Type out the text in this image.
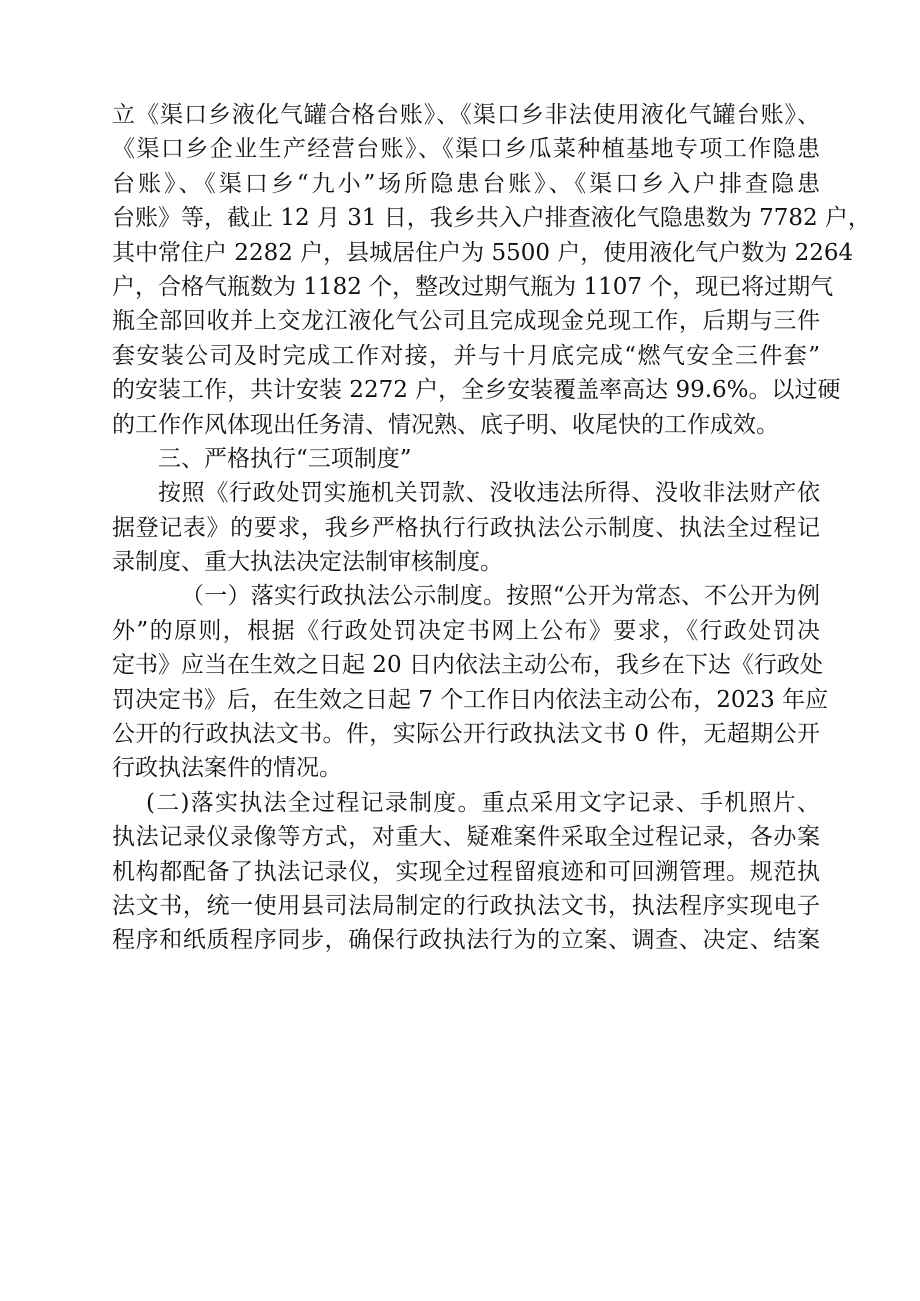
立《渠口乡液化气罐合格台账》、《渠口乡非法使用液化气罐台账》、
《渠口乡企业生产经营台账》、《渠口乡瓜菜种植基地专项工作隐患
台账》、《渠口乡“九小”场所隐患台账》、《渠口乡入户排查隐患
台账》等，截止 12 月 31 日，我乡共入户排查液化气隐患数为 7782 户，
其中常住户 2282 户，县城居住户为 5500 户，使用液化气户数为 2264
户，合格气瓶数为 1182 个，整改过期气瓶为 1107 个，现已将过期气
瓶全部回收并上交龙江液化气公司且完成现金兑现工作，后期与三件
套安装公司及时完成工作对接，并与十月底完成“燃气安全三件套”
的安装工作，共计安装 2272 户，全乡安装覆盖率高达 99.6%。以过硬
的工作作风体现出任务清、情况熟、底子明、收尾快的工作成效。
三、严格执行“三项制度”
按照《行政处罚实施机关罚款、没收违法所得、没收非法财产依
据登记表》的要求，我乡严格执行行政执法公示制度、执法全过程记
录制度、重大执法决定法制审核制度。
（一）落实行政执法公示制度。按照“公开为常态、不公开为例
外”的原则，根据《行政处罚决定书网上公布》要求，《行政处罚决
定书》应当在生效之日起 20 日内依法主动公布，我乡在下达《行政处
罚决定书》后，在生效之日起 7 个工作日内依法主动公布，2023 年应
公开的行政执法文书。件，实际公开行政执法文书 0 件，无超期公开
行政执法案件的情况。
(二)落实执法全过程记录制度。重点采用文字记录、手机照片、
执法记录仪录像等方式，对重大、疑难案件采取全过程记录，各办案
机构都配备了执法记录仪，实现全过程留痕迹和可回溯管理。规范执
法文书，统一使用县司法局制定的行政执法文书，执法程序实现电子
程序和纸质程序同步，确保行政执法行为的立案、调查、决定、结案
